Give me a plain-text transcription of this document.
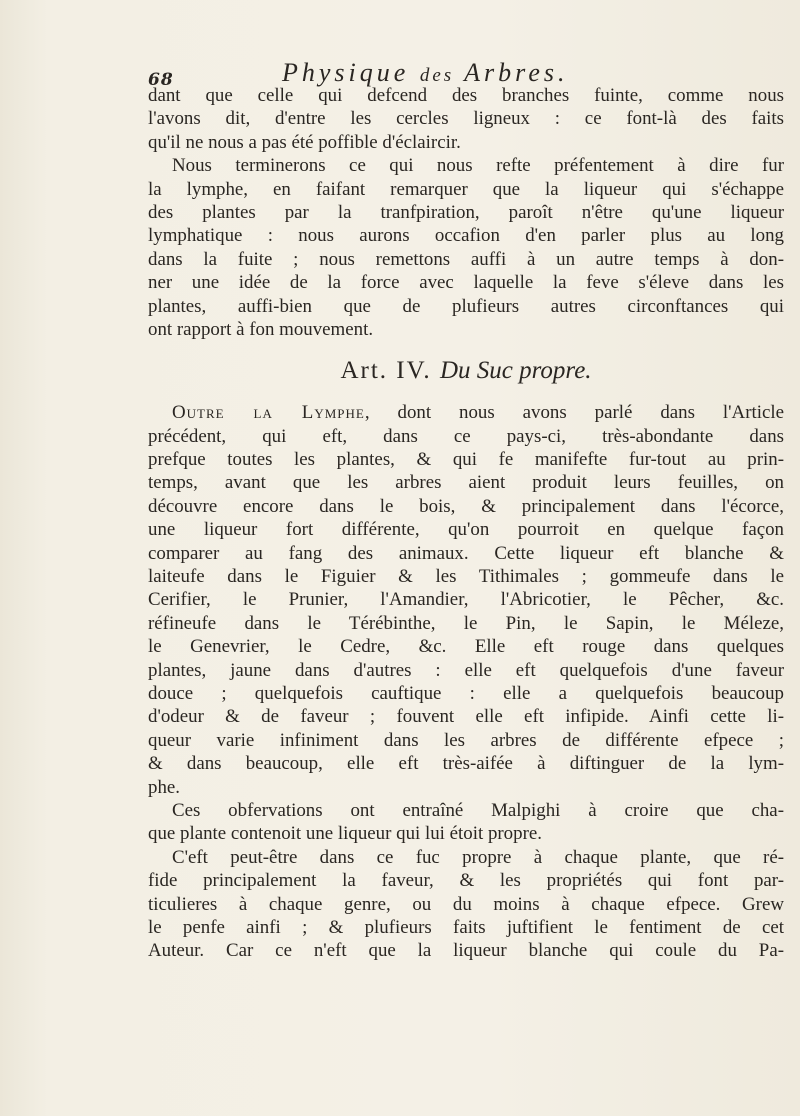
68	Physique des Arbres.
dant que celle qui defcend des branches fuinte, comme nous
l'avons dit, d'entre les cercles ligneux : ce font-là des faits
qu'il ne nous a pas été poffible d'éclaircir.
Nous terminerons ce qui nous refte préfentement à dire fur
la lymphe, en faifant remarquer que la liqueur qui s'échappe
des plantes par la tranfpiration, paroît n'être qu'une liqueur
lymphatique : nous aurons occafion d'en parler plus au long
dans la fuite ; nous remettons auffi à un autre temps à don-
ner une idée de la force avec laquelle la feve s'éleve dans les
plantes, auffi-bien que de plufieurs autres circonftances qui
ont rapport à fon mouvement.
Art. IV. Du Suc propre.
Outre la Lymphe, dont nous avons parlé dans l'Article
précédent, qui eft, dans ce pays-ci, très-abondante dans
prefque toutes les plantes, & qui fe manifefte fur-tout au prin-
temps, avant que les arbres aient produit leurs feuilles, on
découvre encore dans le bois, & principalement dans l'écorce,
une liqueur fort différente, qu'on pourroit en quelque façon
comparer au fang des animaux. Cette liqueur eft blanche &
laiteufe dans le Figuier & les Tithimales ; gommeufe dans le
Cerifier, le Prunier, l'Amandier, l'Abricotier, le Pêcher, &c.
réfineufe dans le Térébinthe, le Pin, le Sapin, le Méleze,
le Genevrier, le Cedre, &c. Elle eft rouge dans quelques
plantes, jaune dans d'autres : elle eft quelquefois d'une faveur
douce ; quelquefois cauftique : elle a quelquefois beaucoup
d'odeur & de faveur ; fouvent elle eft infipide. Ainfi cette li-
queur varie infiniment dans les arbres de différente efpece ;
& dans beaucoup, elle eft très-aifée à diftinguer de la lym-
phe.
Ces obfervations ont entraîné Malpighi à croire que cha-
que plante contenoit une liqueur qui lui étoit propre.
C'eft peut-être dans ce fuc propre à chaque plante, que ré-
fide principalement la faveur, & les propriétés qui font par-
ticulieres à chaque genre, ou du moins à chaque efpece. Grew
le penfe ainfi ; & plufieurs faits juftifient le fentiment de cet
Auteur. Car ce n'eft que la liqueur blanche qui coule du Pa-
